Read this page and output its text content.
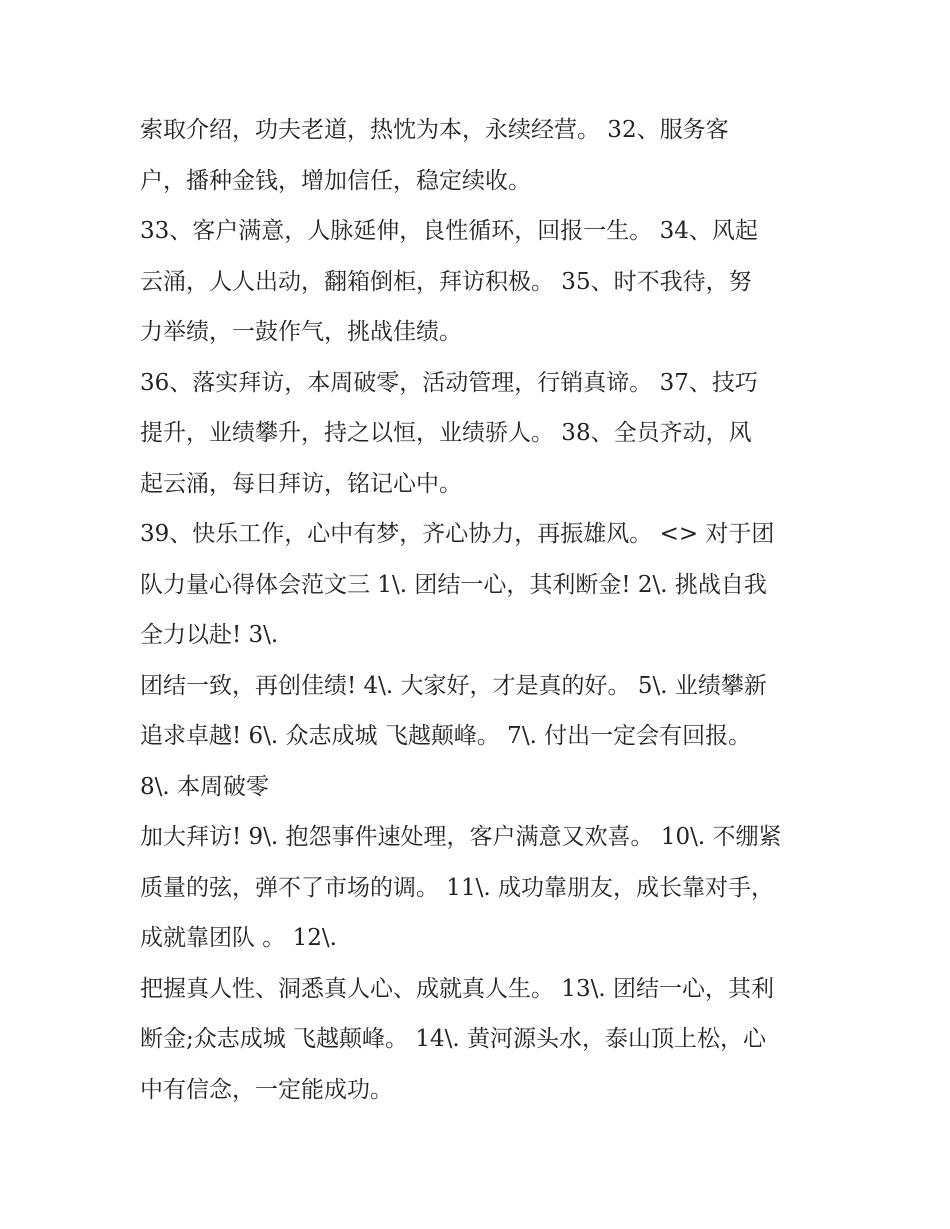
索取介绍，功夫老道，热忱为本，永续经营。 32、服务客
户，播种金钱，增加信任，稳定续收。
33、客户满意，人脉延伸，良性循环，回报一生。 34、风起
云涌，人人出动，翻箱倒柜，拜访积极。 35、时不我待，努
力举绩，一鼓作气，挑战佳绩。
36、落实拜访，本周破零，活动管理，行销真谛。 37、技巧
提升，业绩攀升，持之以恒，业绩骄人。 38、全员齐动，风
起云涌，每日拜访，铭记心中。
39、快乐工作，心中有梦，齐心协力，再振雄风。 <> 对于团
队力量心得体会范文三 1\. 团结一心，其利断金! 2\. 挑战自我
全力以赴! 3\.
团结一致，再创佳绩! 4\. 大家好，才是真的好。 5\. 业绩攀新
追求卓越! 6\. 众志成城 飞越颠峰。 7\. 付出一定会有回报。
8\. 本周破零
加大拜访! 9\. 抱怨事件速处理，客户满意又欢喜。 10\. 不绷紧
质量的弦，弹不了市场的调。 11\. 成功靠朋友，成长靠对手，
成就靠团队 。 12\.
把握真人性、洞悉真人心、成就真人生。 13\. 团结一心，其利
断金;众志成城 飞越颠峰。 14\. 黄河源头水，泰山顶上松，心
中有信念，一定能成功。
